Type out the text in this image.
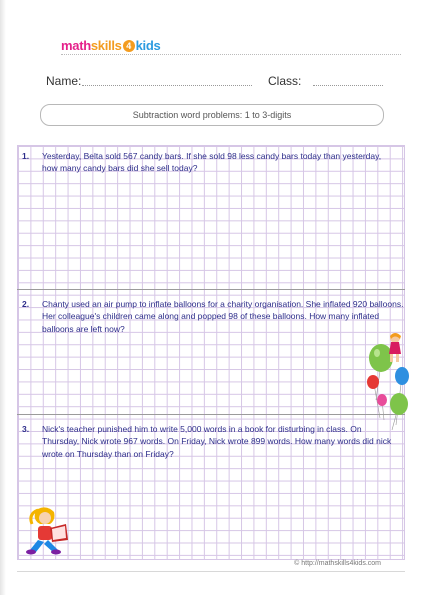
mathskills 4 kids
Name:	Class:
Subtraction word problems: 1 to 3-digits
1. Yesterday, Belta sold 567 candy bars. If she sold 98 less candy bars today than yesterday, how many candy bars did she sell today?
2. Chanty used an air pump to inflate balloons for a charity organisation. She inflated 920 balloons. Her colleague's children came along and popped 98 of these balloons. How many inflated balloons are left now?
3. Nick's teacher punished him to write 5,000 words in a book for disturbing in class. On Thursday, Nick wrote 967 words. On Friday, Nick wrote 899 words. How many words did nick wrote on Thursday than on Friday?
© http://mathskills4kids.com
